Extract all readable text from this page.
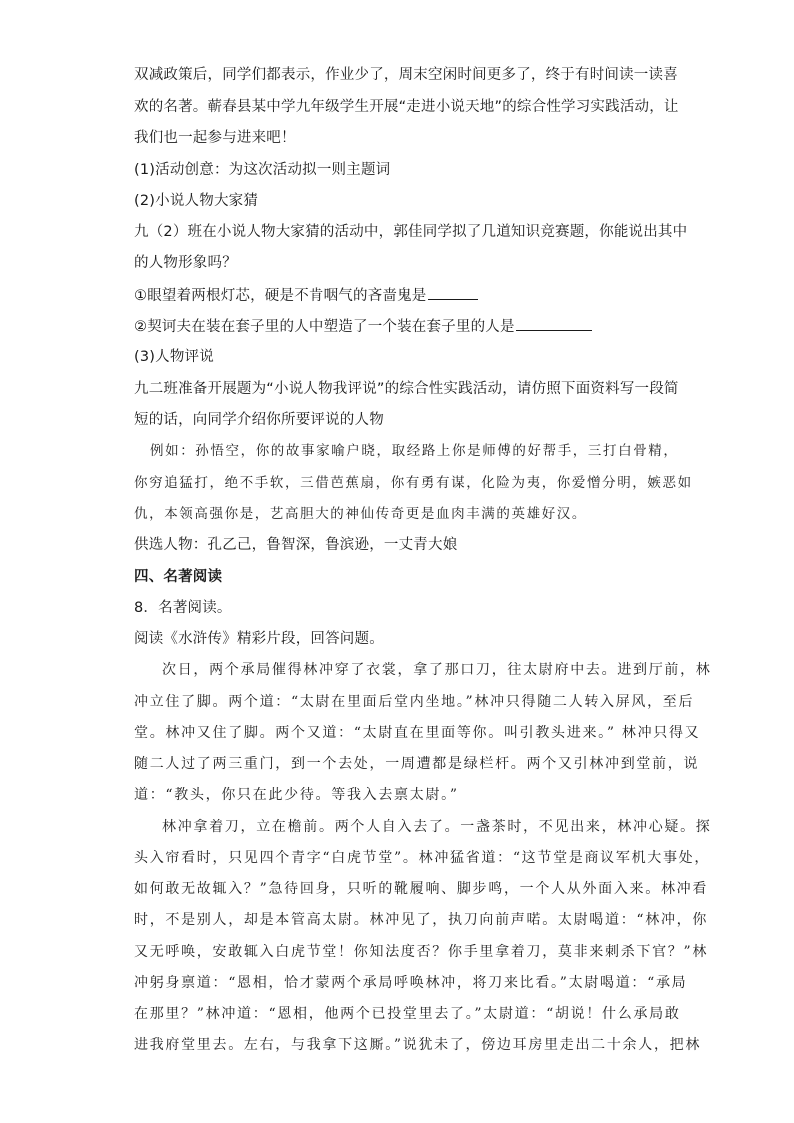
双减政策后，同学们都表示，作业少了，周末空闲时间更多了，终于有时间读一读喜
欢的名著。蕲春县某中学九年级学生开展“走进小说天地”的综合性学习实践活动，让
我们也一起参与进来吧！
(1)活动创意：为这次活动拟一则主题词
(2)小说人物大家猜
九（2）班在小说人物大家猜的活动中，郭佳同学拟了几道知识竞赛题，你能说出其中
的人物形象吗？
①眼望着两根灯芯，硬是不肯咽气的吝啬鬼是
②契诃夫在装在套子里的人中塑造了一个装在套子里的人是
(3)人物评说
九二班准备开展题为“小说人物我评说”的综合性实践活动，请仿照下面资料写一段简
短的话，向同学介绍你所要评说的人物
例如：孙悟空，你的故事家喻户晓，取经路上你是师傅的好帮手，三打白骨精，
你穷追猛打，绝不手软，三借芭蕉扇，你有勇有谋，化险为夷，你爱憎分明，嫉恶如
仇，本领高强你是，艺高胆大的神仙传奇更是血肉丰满的英雄好汉。
供选人物：孔乙己，鲁智深，鲁滨逊，一丈青大娘
四、名著阅读
8．名著阅读。
阅读《水浒传》精彩片段，回答问题。
次日，两个承局催得林冲穿了衣裳，拿了那口刀，往太尉府中去。进到厅前，林
冲立住了脚。两个道：“太尉在里面后堂内坐地。”林冲只得随二人转入屏风，至后
堂。林冲又住了脚。两个又道：“太尉直在里面等你。叫引教头进来。” 林冲只得又
随二人过了两三重门，到一个去处，一周遭都是绿栏杆。两个又引林冲到堂前，说
道：“教头，你只在此少待。等我入去禀太尉。”
林冲拿着刀，立在檐前。两个人自入去了。一盏茶时，不见出来，林冲心疑。探
头入帘看时，只见四个青字“白虎节堂”。林冲猛省道：“这节堂是商议军机大事处，
如何敢无故辄入？”急待回身，只听的靴履响、脚步鸣，一个人从外面入来。林冲看
时，不是别人，却是本管高太尉。林冲见了，执刀向前声喏。太尉喝道：“林冲，你
又无呼唤，安敢辄入白虎节堂！你知法度否？你手里拿着刀，莫非来刺杀下官？”林
冲躬身禀道：“恩相，恰才蒙两个承局呼唤林冲，将刀来比看。”太尉喝道：“承局
在那里？”林冲道：“恩相，他两个已投堂里去了。”太尉道：“胡说！什么承局敢
进我府堂里去。左右，与我拿下这厮。”说犹未了，傍边耳房里走出二十余人，把林
